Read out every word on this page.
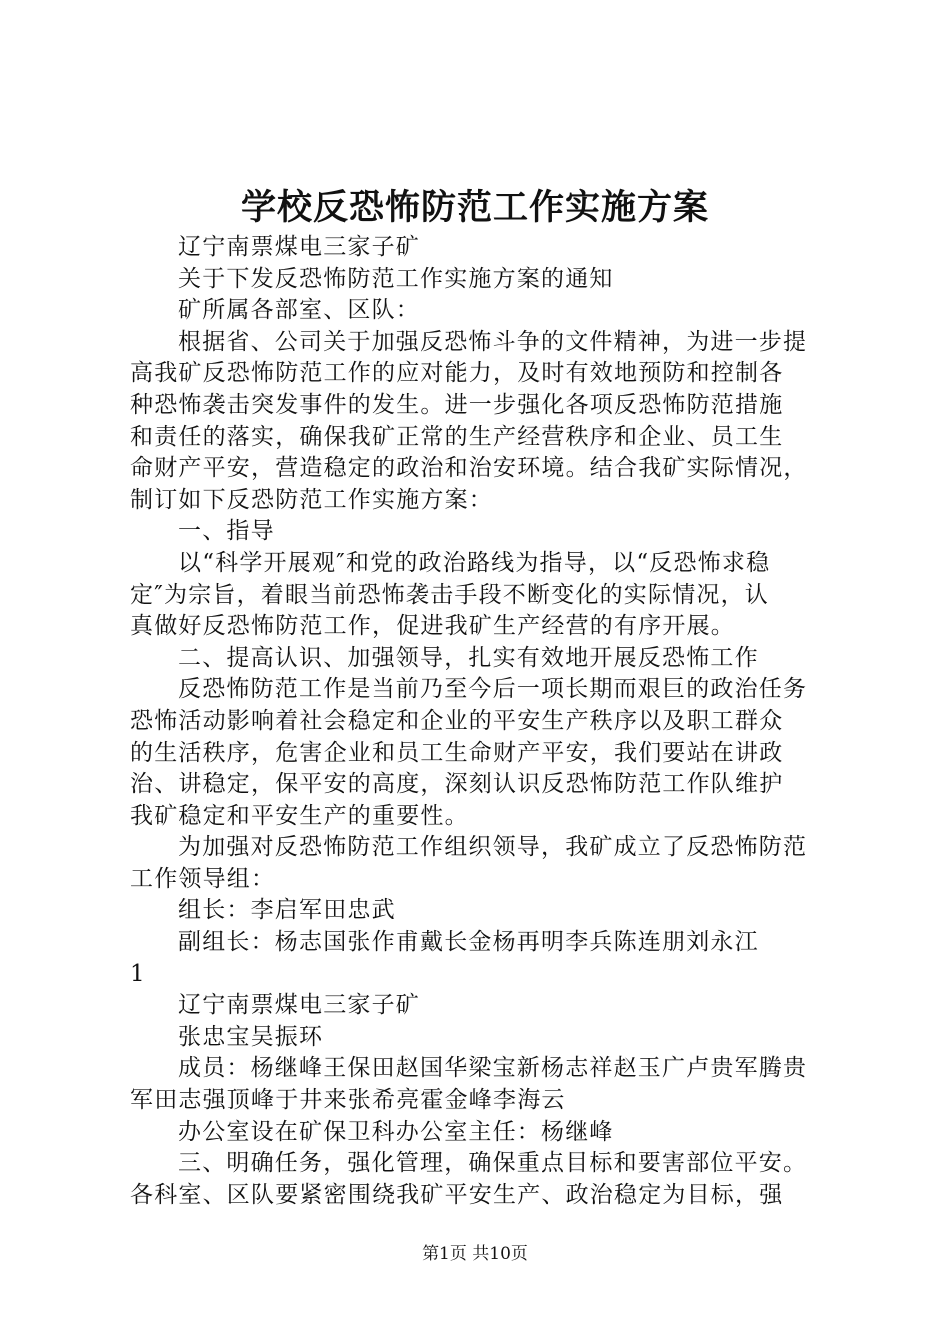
学校反恐怖防范工作实施方案
辽宁南票煤电三家子矿
关于下发反恐怖防范工作实施方案的通知
矿所属各部室、区队：
根据省、公司关于加强反恐怖斗争的文件精神，为进一步提
高我矿反恐怖防范工作的应对能力，及时有效地预防和控制各
种恐怖袭击突发事件的发生。进一步强化各项反恐怖防范措施
和责任的落实，确保我矿正常的生产经营秩序和企业、员工生
命财产平安，营造稳定的政治和治安环境。结合我矿实际情况，
制订如下反恐防范工作实施方案：
一、指导
以“科学开展观″和党的政治路线为指导，以“反恐怖求稳
定″为宗旨，着眼当前恐怖袭击手段不断变化的实际情况，认
真做好反恐怖防范工作，促进我矿生产经营的有序开展。
二、提高认识、加强领导，扎实有效地开展反恐怖工作
反恐怖防范工作是当前乃至今后一项长期而艰巨的政治任务
恐怖活动影响着社会稳定和企业的平安生产秩序以及职工群众
的生活秩序，危害企业和员工生命财产平安，我们要站在讲政
治、讲稳定，保平安的高度，深刻认识反恐怖防范工作队维护
我矿稳定和平安生产的重要性。
为加强对反恐怖防范工作组织领导，我矿成立了反恐怖防范
工作领导组：
组长：李启军田忠武
副组长：杨志国张作甫戴长金杨再明李兵陈连朋刘永江
1
辽宁南票煤电三家子矿
张忠宝吴振环
成员：杨继峰王保田赵国华梁宝新杨志祥赵玉广卢贵军腾贵
军田志强顶峰于井来张希亮霍金峰李海云
办公室设在矿保卫科办公室主任：杨继峰
三、明确任务，强化管理，确保重点目标和要害部位平安。
各科室、区队要紧密围绕我矿平安生产、政治稳定为目标，强
第1页 共10页
